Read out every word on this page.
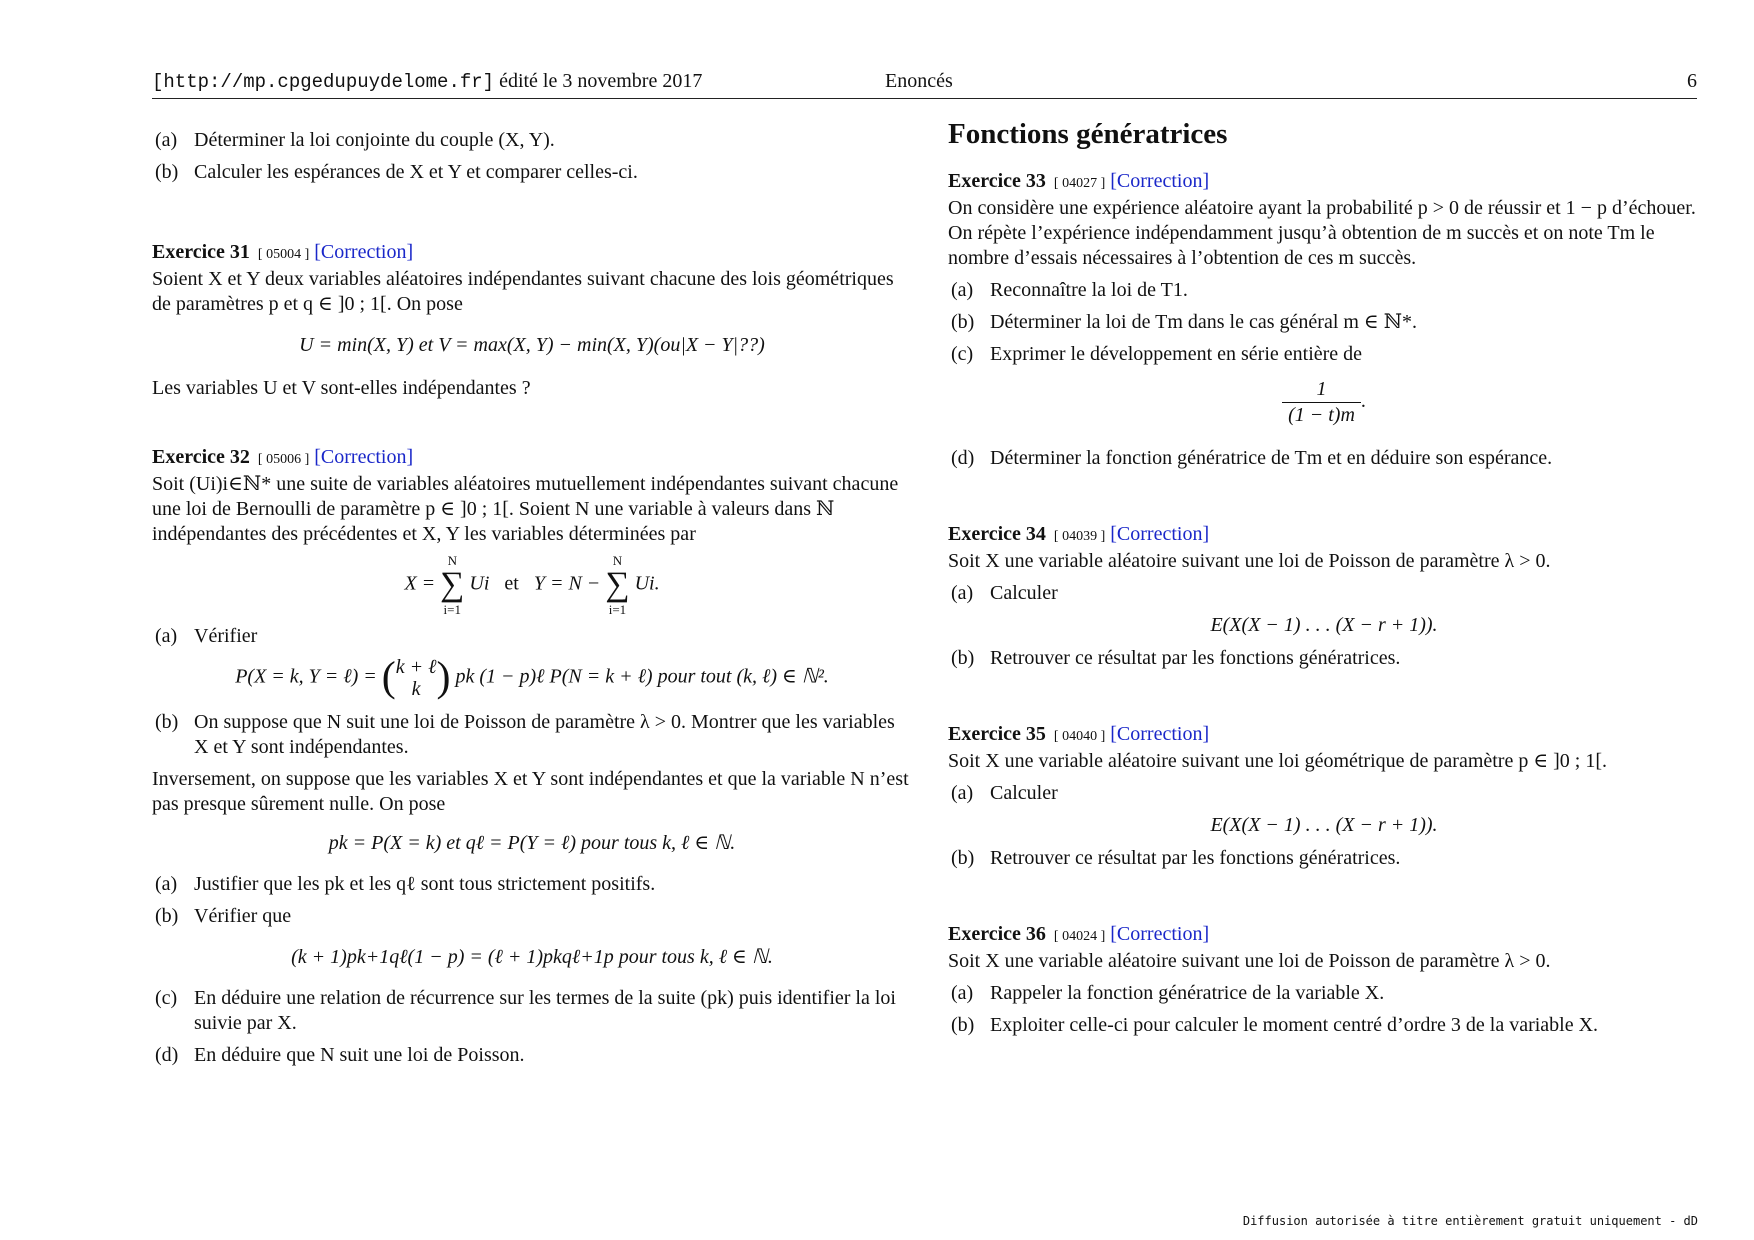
[http://mp.cpgedupuydelome.fr] édité le 3 novembre 2017	Enoncés	6
(a) Déterminer la loi conjointe du couple (X, Y).
(b) Calculer les espérances de X et Y et comparer celles-ci.
Exercice 31 [ 05004 ] [Correction]
Soient X et Y deux variables aléatoires indépendantes suivant chacune des lois géométriques de paramètres p et q ∈ ]0 ; 1[. On pose
U = min(X, Y) et V = max(X, Y) − min(X, Y)(ou|X − Y|??)
Les variables U et V sont-elles indépendantes ?
Exercice 32 [ 05006 ] [Correction]
Soit (Ui)i∈ℕ* une suite de variables aléatoires mutuellement indépendantes suivant chacune une loi de Bernoulli de paramètre p ∈ ]0 ; 1[. Soient N une variable à valeurs dans ℕ indépendantes des précédentes et X, Y les variables déterminées par
X =
N
∑
i=1
Ui et Y = N −
N
∑
i=1
Ui.
(a) Vérifier
P(X = k, Y = ℓ) = ( k + ℓ
k ) pk (1 − p)ℓ P(N = k + ℓ) pour tout (k, ℓ) ∈ ℕ².
(b) On suppose que N suit une loi de Poisson de paramètre λ > 0. Montrer que les variables X et Y sont indépendantes.
Inversement, on suppose que les variables X et Y sont indépendantes et que la variable N n’est pas presque sûrement nulle. On pose
pk = P(X = k) et qℓ = P(Y = ℓ) pour tous k, ℓ ∈ ℕ.
(a) Justifier que les pk et les qℓ sont tous strictement positifs.
(b) Vérifier que
(k + 1)pk+1qℓ(1 − p) = (ℓ + 1)pkqℓ+1p pour tous k, ℓ ∈ ℕ.
(c) En déduire une relation de récurrence sur les termes de la suite (pk) puis identifier la loi suivie par X.
(d) En déduire que N suit une loi de Poisson.
Fonctions génératrices
Exercice 33 [ 04027 ] [Correction]
On considère une expérience aléatoire ayant la probabilité p > 0 de réussir et 1 − p d’échouer.
On répète l’expérience indépendamment jusqu’à obtention de m succès et on note Tm le nombre d’essais nécessaires à l’obtention de ces m succès.
(a) Reconnaître la loi de T1.
(b) Déterminer la loi de Tm dans le cas général m ∈ ℕ*.
(c) Exprimer le développement en série entière de
$\frac{1}{(1 - t)m}$ .
(d) Déterminer la fonction génératrice de Tm et en déduire son espérance.
Exercice 34 [ 04039 ] [Correction]
Soit X une variable aléatoire suivant une loi de Poisson de paramètre λ > 0.
(a) Calculer
E(X(X − 1) . . . (X − r + 1)).
(b) Retrouver ce résultat par les fonctions génératrices.
Exercice 35 [ 04040 ] [Correction]
Soit X une variable aléatoire suivant une loi géométrique de paramètre p ∈ ]0 ; 1[.
(a) Calculer
E(X(X − 1) . . . (X − r + 1)).
(b) Retrouver ce résultat par les fonctions génératrices.
Exercice 36 [ 04024 ] [Correction]
Soit X une variable aléatoire suivant une loi de Poisson de paramètre λ > 0.
(a) Rappeler la fonction génératrice de la variable X.
(b) Exploiter celle-ci pour calculer le moment centré d’ordre 3 de la variable X.
Diffusion autorisée à titre entièrement gratuit uniquement - dD
